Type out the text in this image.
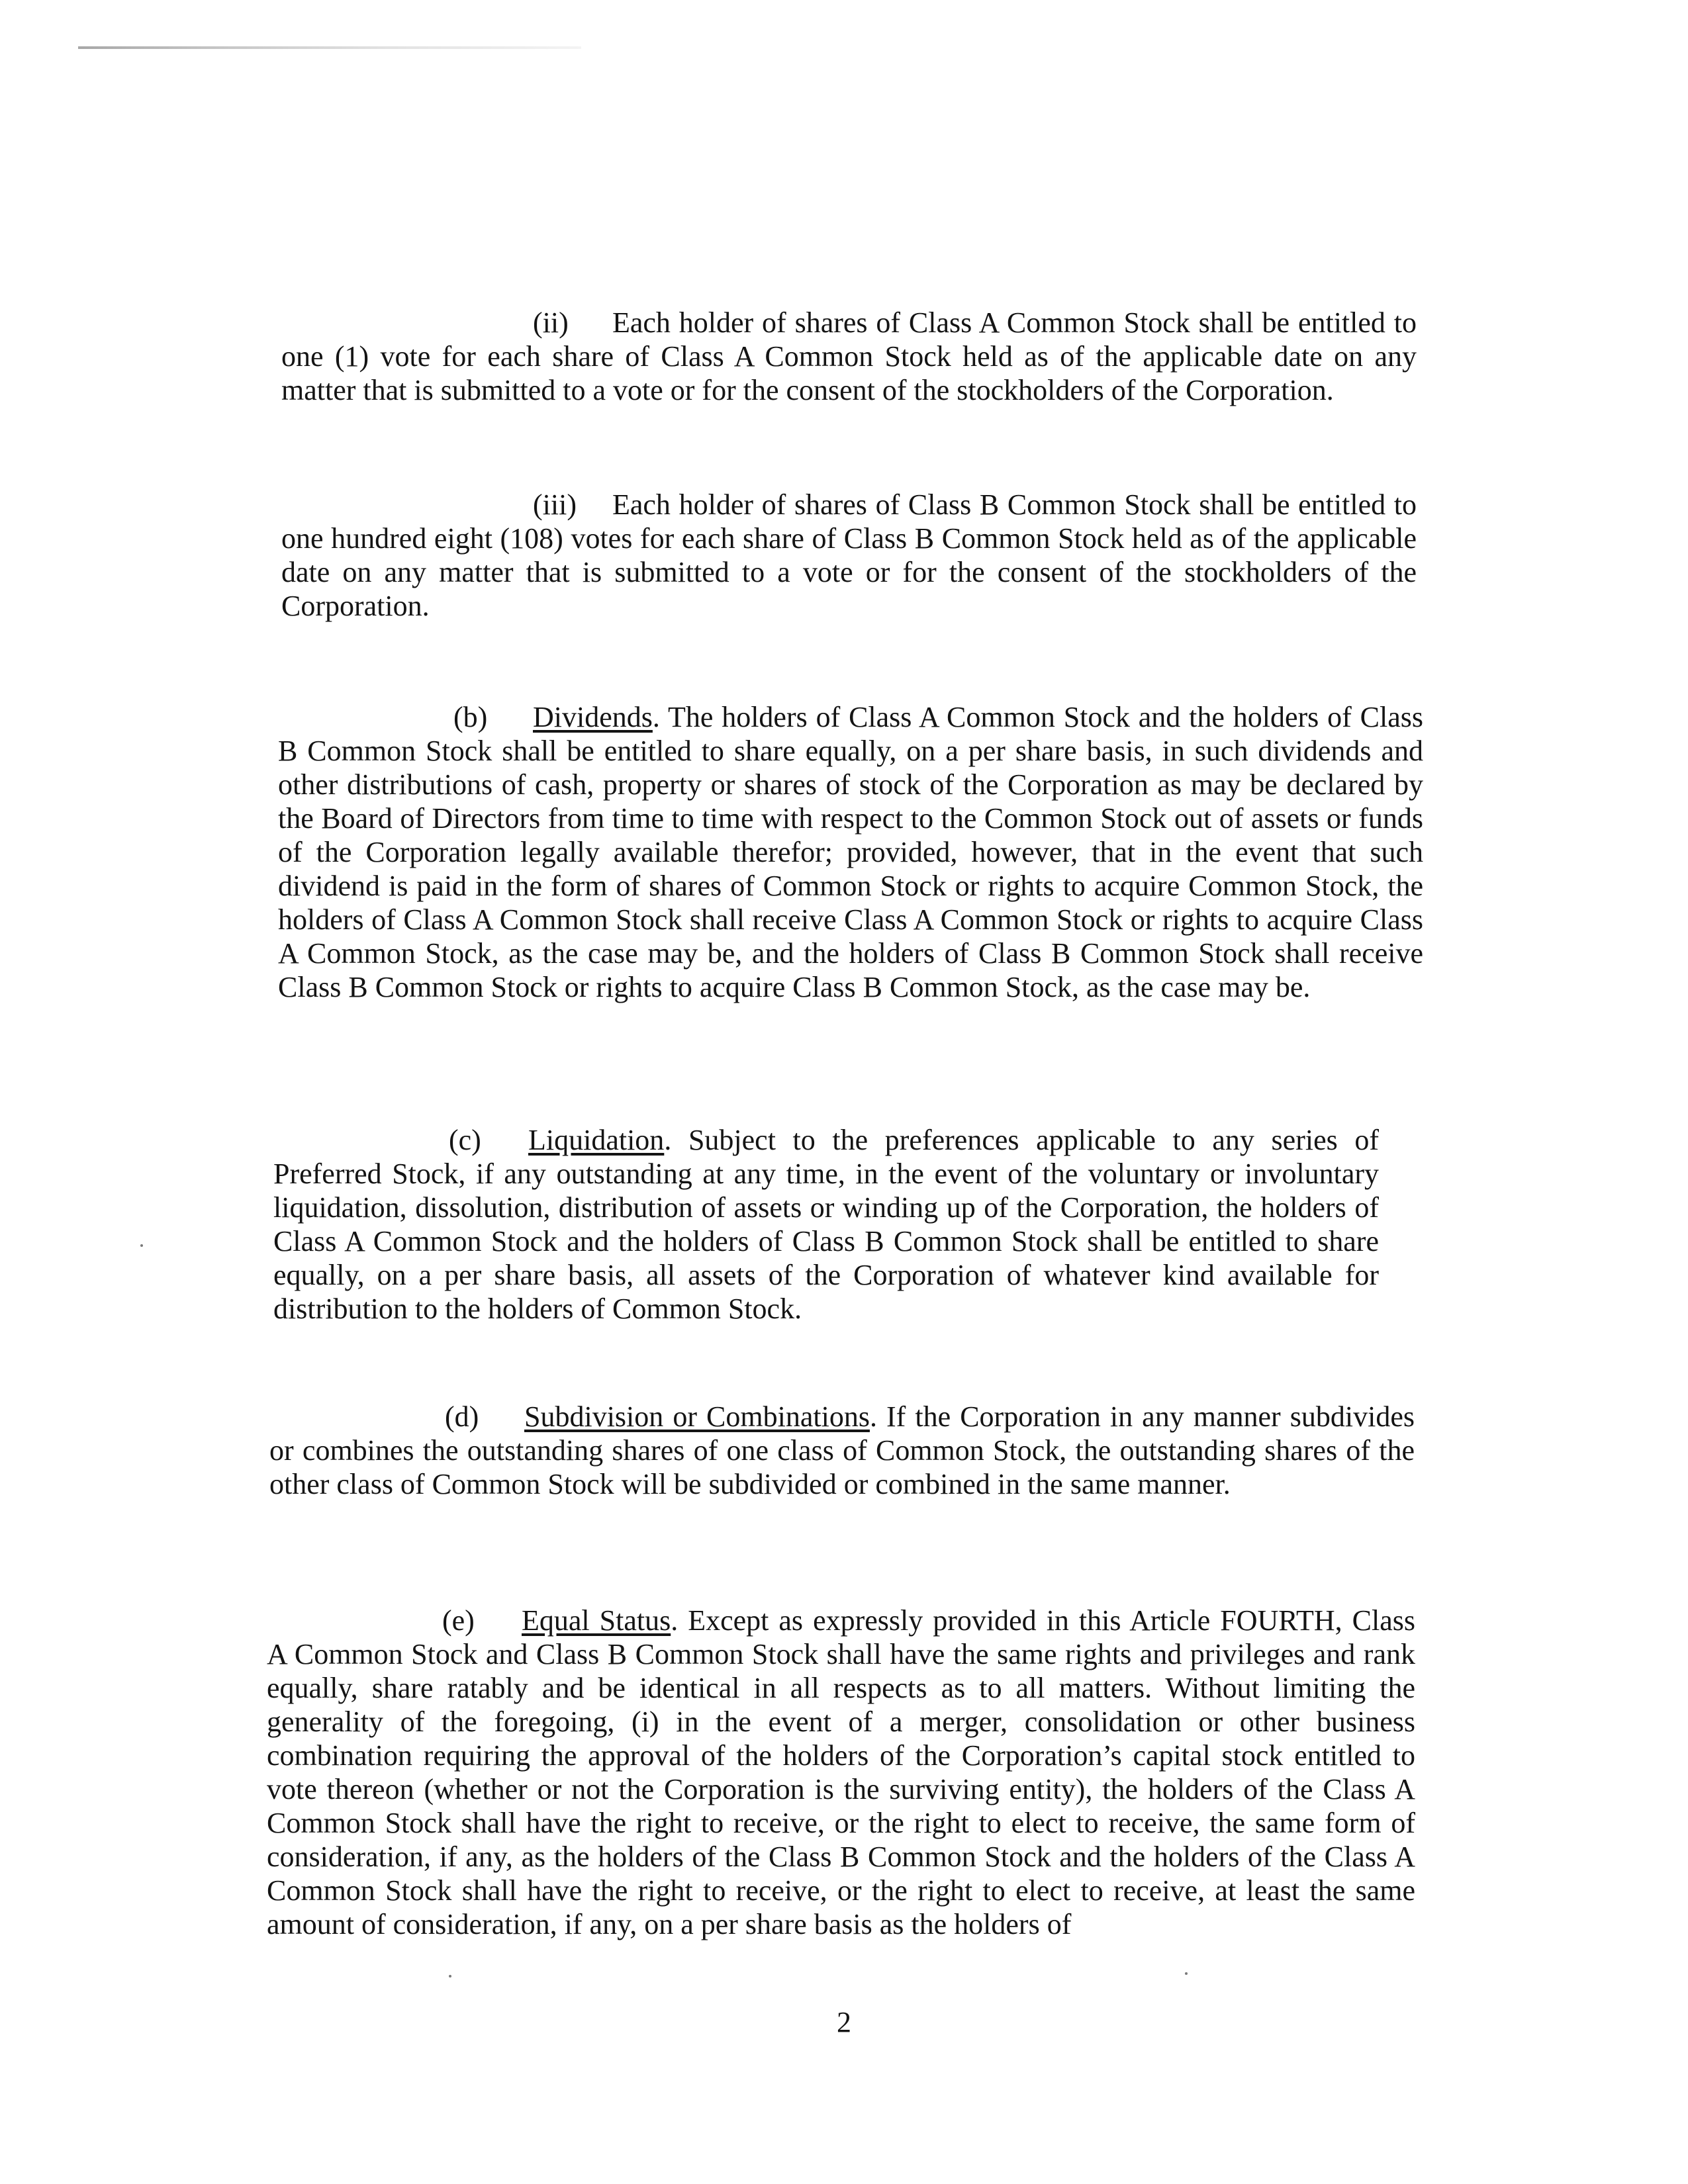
(ii) Each holder of shares of Class A Common Stock shall be entitled to one (1) vote for each share of Class A Common Stock held as of the applicable date on any matter that is submitted to a vote or for the consent of the stockholders of the Corporation.

(iii) Each holder of shares of Class B Common Stock shall be entitled to one hundred eight (108) votes for each share of Class B Common Stock held as of the applicable date on any matter that is submitted to a vote or for the consent of the stockholders of the Corporation.

(b) Dividends. The holders of Class A Common Stock and the holders of Class B Common Stock shall be entitled to share equally, on a per share basis, in such dividends and other distributions of cash, property or shares of stock of the Corporation as may be declared by the Board of Directors from time to time with respect to the Common Stock out of assets or funds of the Corporation legally available therefor; provided, however, that in the event that such dividend is paid in the form of shares of Common Stock or rights to acquire Common Stock, the holders of Class A Common Stock shall receive Class A Common Stock or rights to acquire Class A Common Stock, as the case may be, and the holders of Class B Common Stock shall receive Class B Common Stock or rights to acquire Class B Common Stock, as the case may be.

(c) Liquidation. Subject to the preferences applicable to any series of Preferred Stock, if any outstanding at any time, in the event of the voluntary or involuntary liquidation, dissolution, distribution of assets or winding up of the Corporation, the holders of Class A Common Stock and the holders of Class B Common Stock shall be entitled to share equally, on a per share basis, all assets of the Corporation of whatever kind available for distribution to the holders of Common Stock.

(d) Subdivision or Combinations. If the Corporation in any manner subdivides or combines the outstanding shares of one class of Common Stock, the outstanding shares of the other class of Common Stock will be subdivided or combined in the same manner.

(e) Equal Status. Except as expressly provided in this Article FOURTH, Class A Common Stock and Class B Common Stock shall have the same rights and privileges and rank equally, share ratably and be identical in all respects as to all matters. Without limiting the generality of the foregoing, (i) in the event of a merger, consolidation or other business combination requiring the approval of the holders of the Corporation’s capital stock entitled to vote thereon (whether or not the Corporation is the surviving entity), the holders of the Class A Common Stock shall have the right to receive, or the right to elect to receive, the same form of consideration, if any, as the holders of the Class B Common Stock and the holders of the Class A Common Stock shall have the right to receive, or the right to elect to receive, at least the same amount of consideration, if any, on a per share basis as the holders of

2
